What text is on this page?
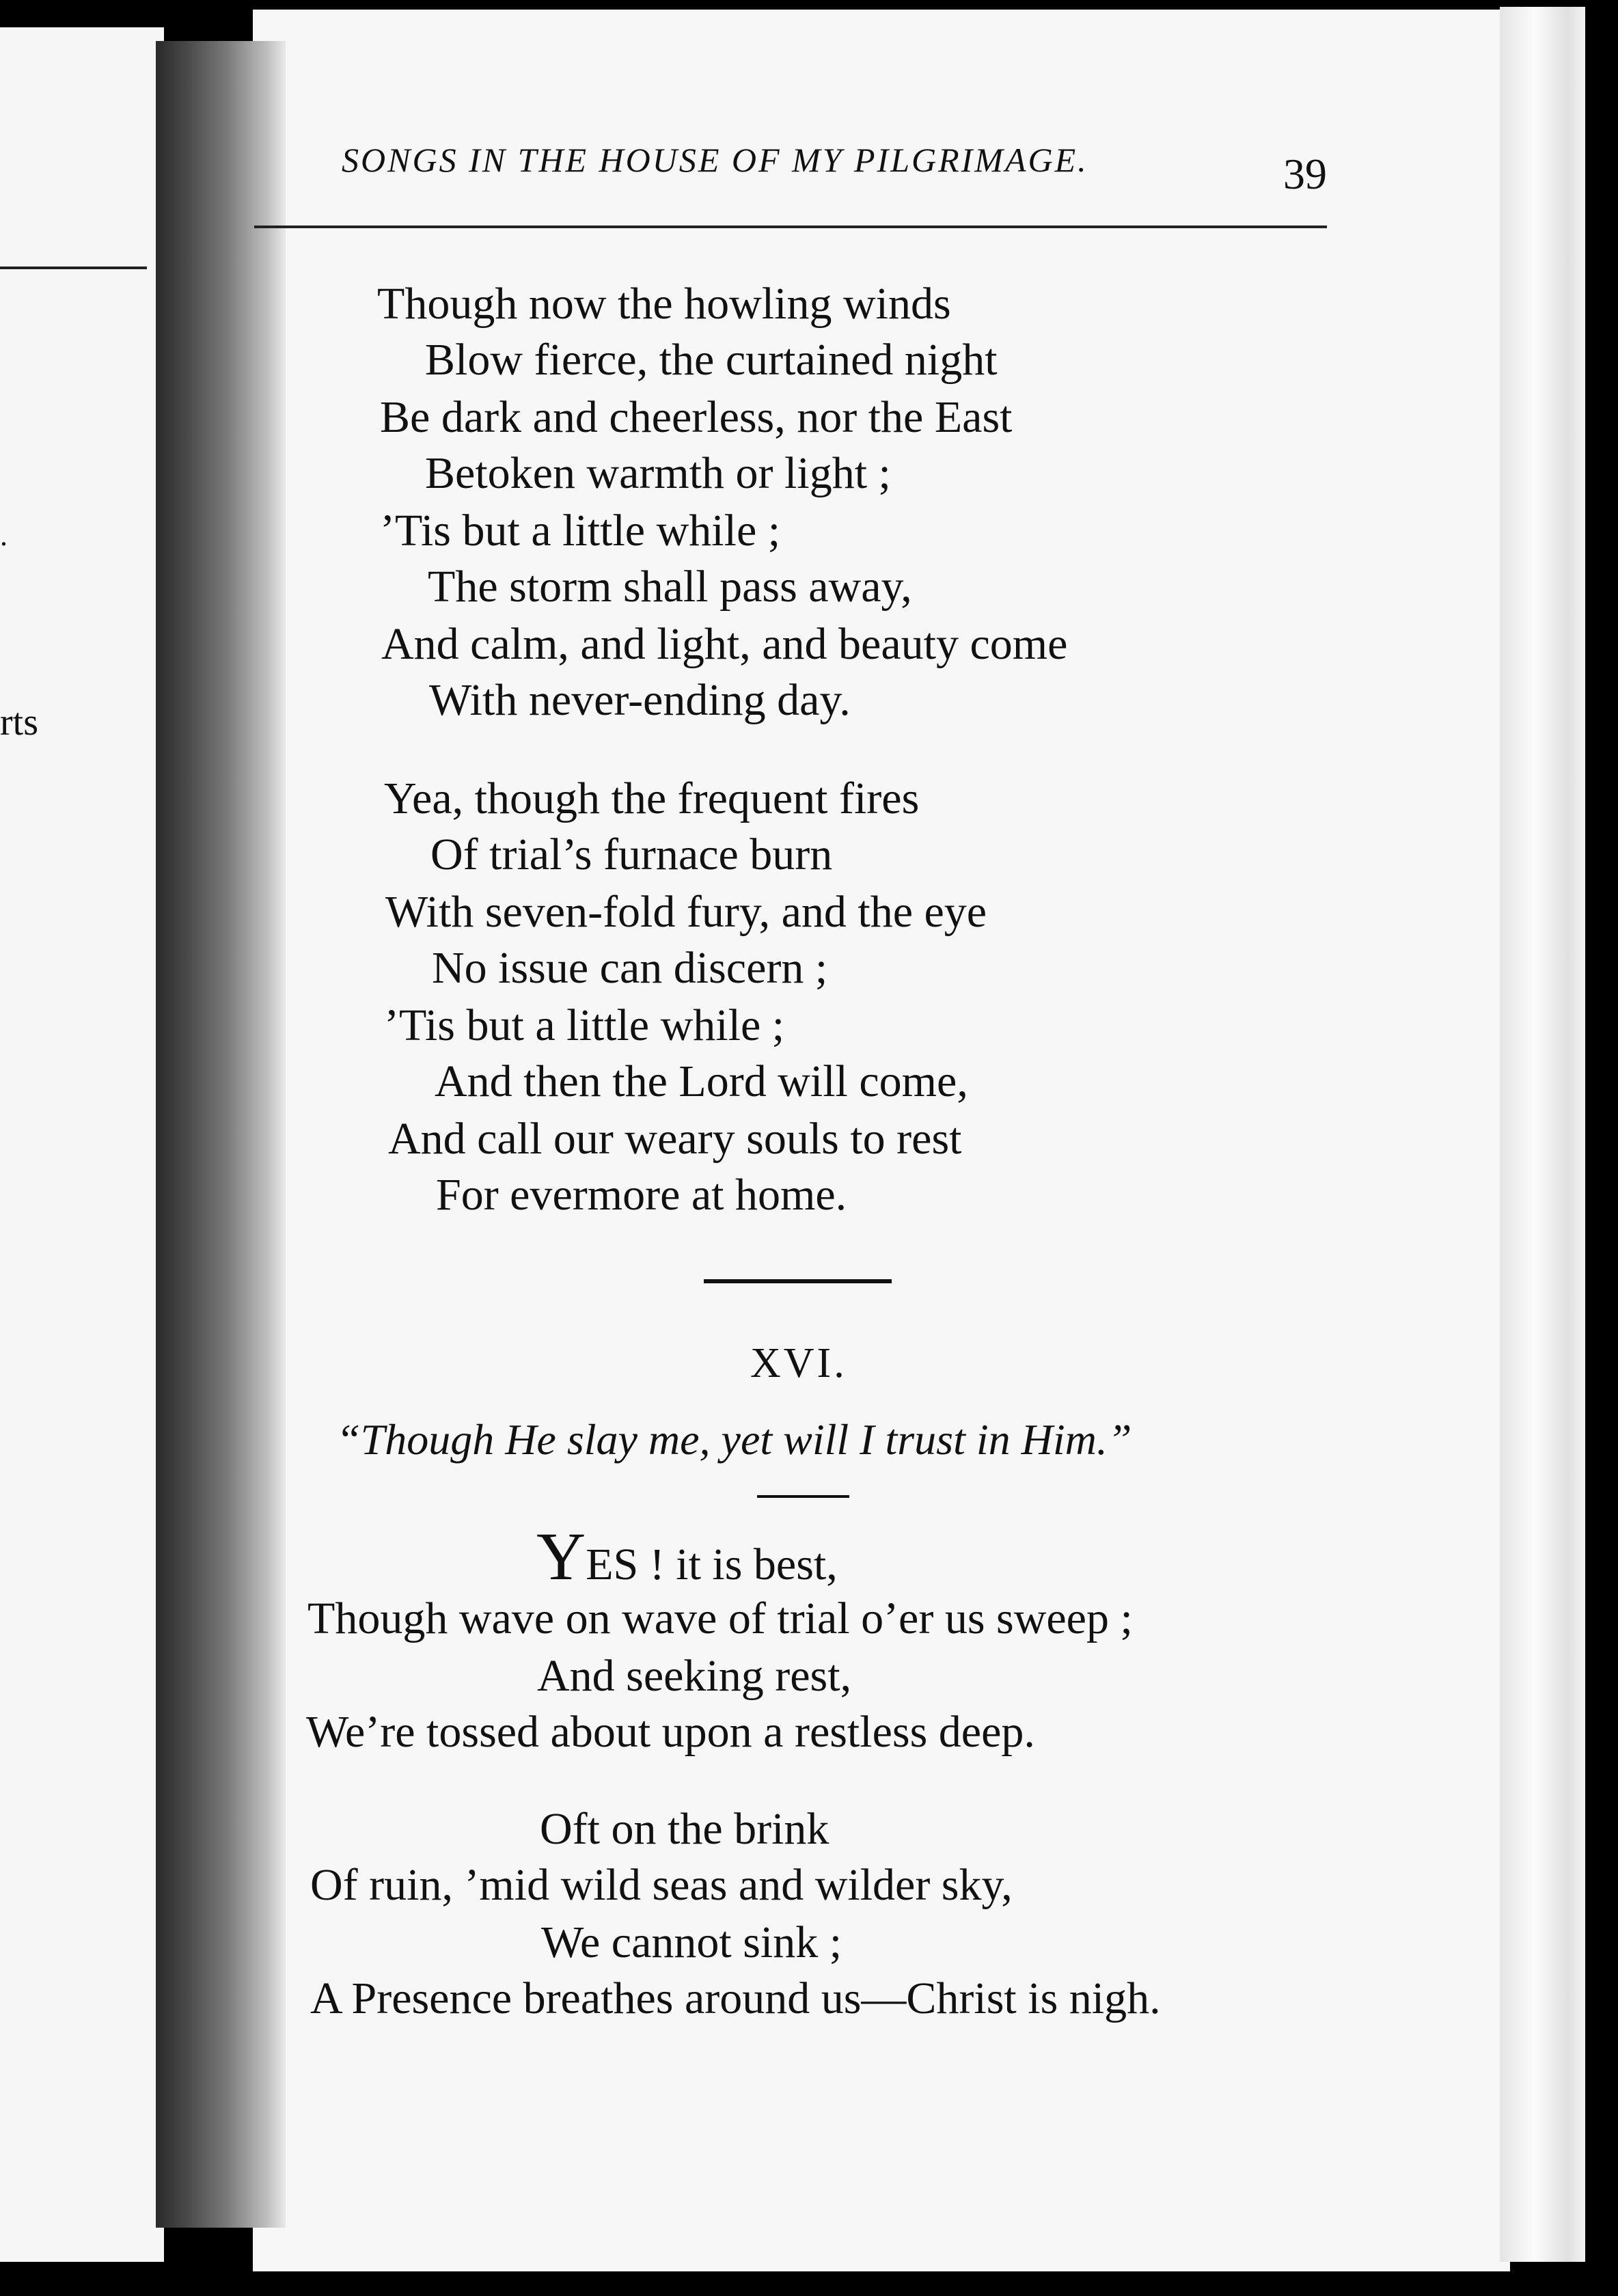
.
rts
SONGS IN THE HOUSE OF MY PILGRIMAGE.	39
Though now the howling winds
Blow fierce, the curtained night
Be dark and cheerless, nor the East
Betoken warmth or light ;
’Tis but a little while ;
The storm shall pass away,
And calm, and light, and beauty come
With never-ending day.
Yea, though the frequent fires
Of trial’s furnace burn
With seven-fold fury, and the eye
No issue can discern ;
’Tis but a little while ;
And then the Lord will come,
And call our weary souls to rest
For evermore at home.
XVI.
“Though He slay me, yet will I trust in Him.”
YES ! it is best,
Though wave on wave of trial o’er us sweep ;
And seeking rest,
We’re tossed about upon a restless deep.
Oft on the brink
Of ruin, ’mid wild seas and wilder sky,
We cannot sink ;
A Presence breathes around us—Christ is nigh.
